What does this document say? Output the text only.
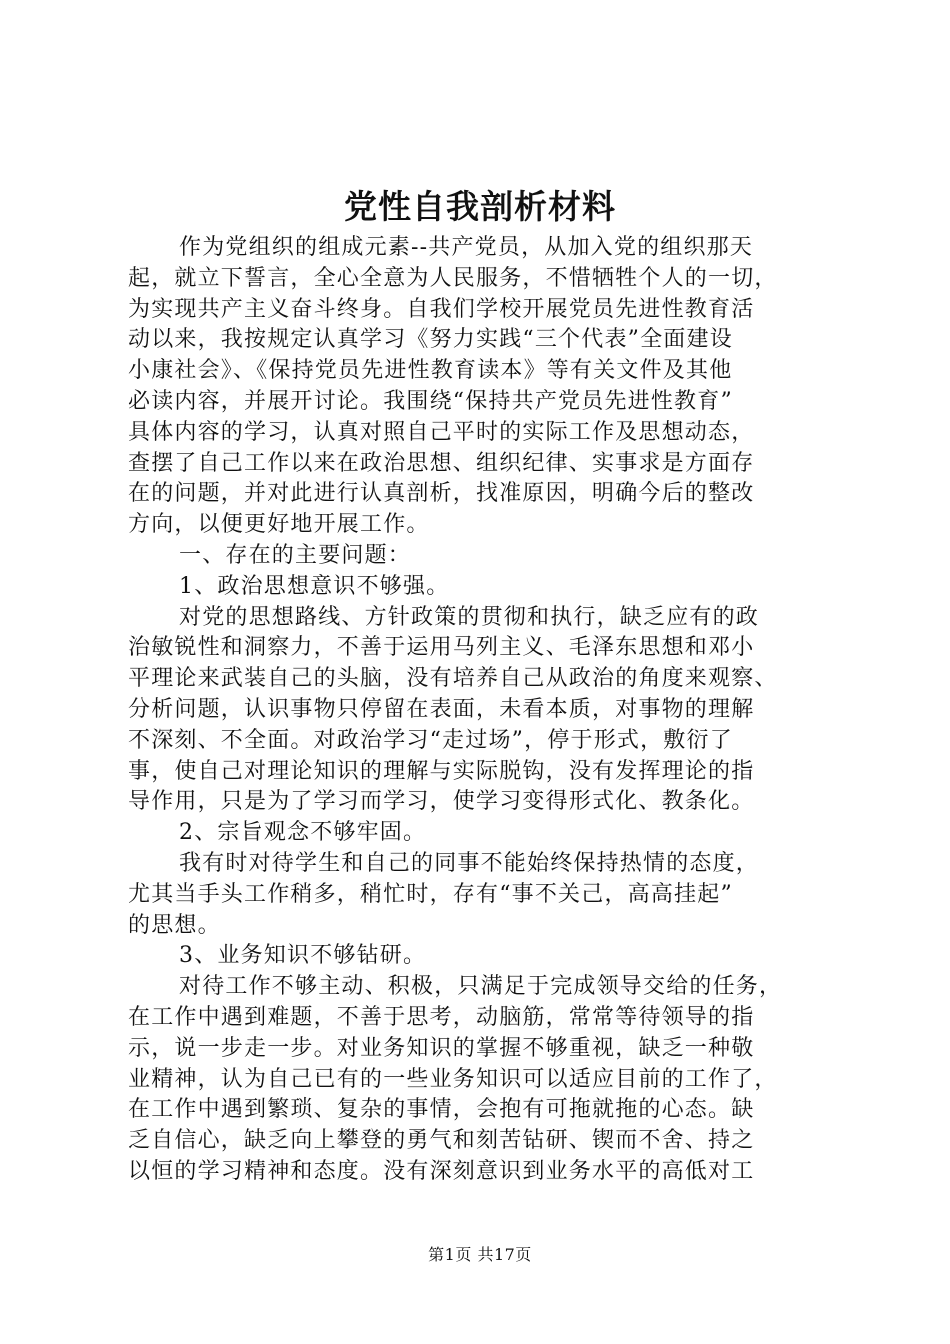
党性自我剖析材料
作为党组织的组成元素--共产党员，从加入党的组织那天
起，就立下誓言，全心全意为人民服务，不惜牺牲个人的一切，
为实现共产主义奋斗终身。自我们学校开展党员先进性教育活
动以来，我按规定认真学习《努力实践“三个代表”全面建设
小康社会》、《保持党员先进性教育读本》等有关文件及其他
必读内容，并展开讨论。我围绕“保持共产党员先进性教育”
具体内容的学习，认真对照自己平时的实际工作及思想动态，
查摆了自己工作以来在政治思想、组织纪律、实事求是方面存
在的问题，并对此进行认真剖析，找准原因，明确今后的整改
方向，以便更好地开展工作。
一、存在的主要问题：
1、政治思想意识不够强。
对党的思想路线、方针政策的贯彻和执行，缺乏应有的政
治敏锐性和洞察力，不善于运用马列主义、毛泽东思想和邓小
平理论来武装自己的头脑，没有培养自己从政治的角度来观察、
分析问题，认识事物只停留在表面，未看本质，对事物的理解
不深刻、不全面。对政治学习“走过场”，停于形式，敷衍了
事，使自己对理论知识的理解与实际脱钩，没有发挥理论的指
导作用，只是为了学习而学习，使学习变得形式化、教条化。
2、宗旨观念不够牢固。
我有时对待学生和自己的同事不能始终保持热情的态度，
尤其当手头工作稍多，稍忙时，存有“事不关己，高高挂起”
的思想。
3、业务知识不够钻研。
对待工作不够主动、积极，只满足于完成领导交给的任务，
在工作中遇到难题，不善于思考，动脑筋，常常等待领导的指
示，说一步走一步。对业务知识的掌握不够重视，缺乏一种敬
业精神，认为自己已有的一些业务知识可以适应目前的工作了，
在工作中遇到繁琐、复杂的事情，会抱有可拖就拖的心态。缺
乏自信心，缺乏向上攀登的勇气和刻苦钻研、锲而不舍、持之
以恒的学习精神和态度。没有深刻意识到业务水平的高低对工
第1页 共17页
